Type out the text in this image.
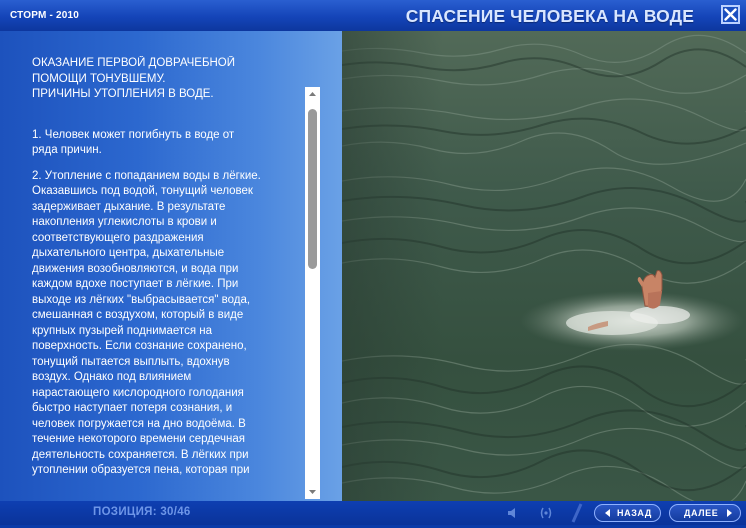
СТОРМ - 2010	СПАСЕНИЕ ЧЕЛОВЕКА НА ВОДЕ

ОКАЗАНИЕ ПЕРВОЙ ДОВРАЧЕБНОЙ

ПОМОЩИ ТОНУВШЕМУ.

ПРИЧИНЫ УТОПЛЕНИЯ В ВОДЕ.

1. Человек может погибнуть в воде от

ряда причин.

2. Утопление с попаданием воды в лёгкие.

Оказавшись под водой, тонущий человек

задерживает дыхание. В результате

накопления углекислоты в крови и

соответствующего раздражения

дыхательного центра, дыхательные

движения возобновляются, и вода при

каждом вдохе поступает в лёгкие. При

выходе из лёгких "выбрасывается" вода,

смешанная с воздухом, который в виде

крупных пузырей поднимается на

поверхность. Если сознание сохранено,

тонущий пытается выплыть, вдохнув

воздух. Однако под влиянием

нарастающего кислородного голодания

быстро наступает потеря сознания, и

человек погружается на дно водоёма. В

течение некоторого времени сердечная

деятельность сохраняется. В лёгких при

утоплении образуется пена, которая при

ПОЗИЦИЯ: 30/46	НАЗАД	ДАЛЕЕ
